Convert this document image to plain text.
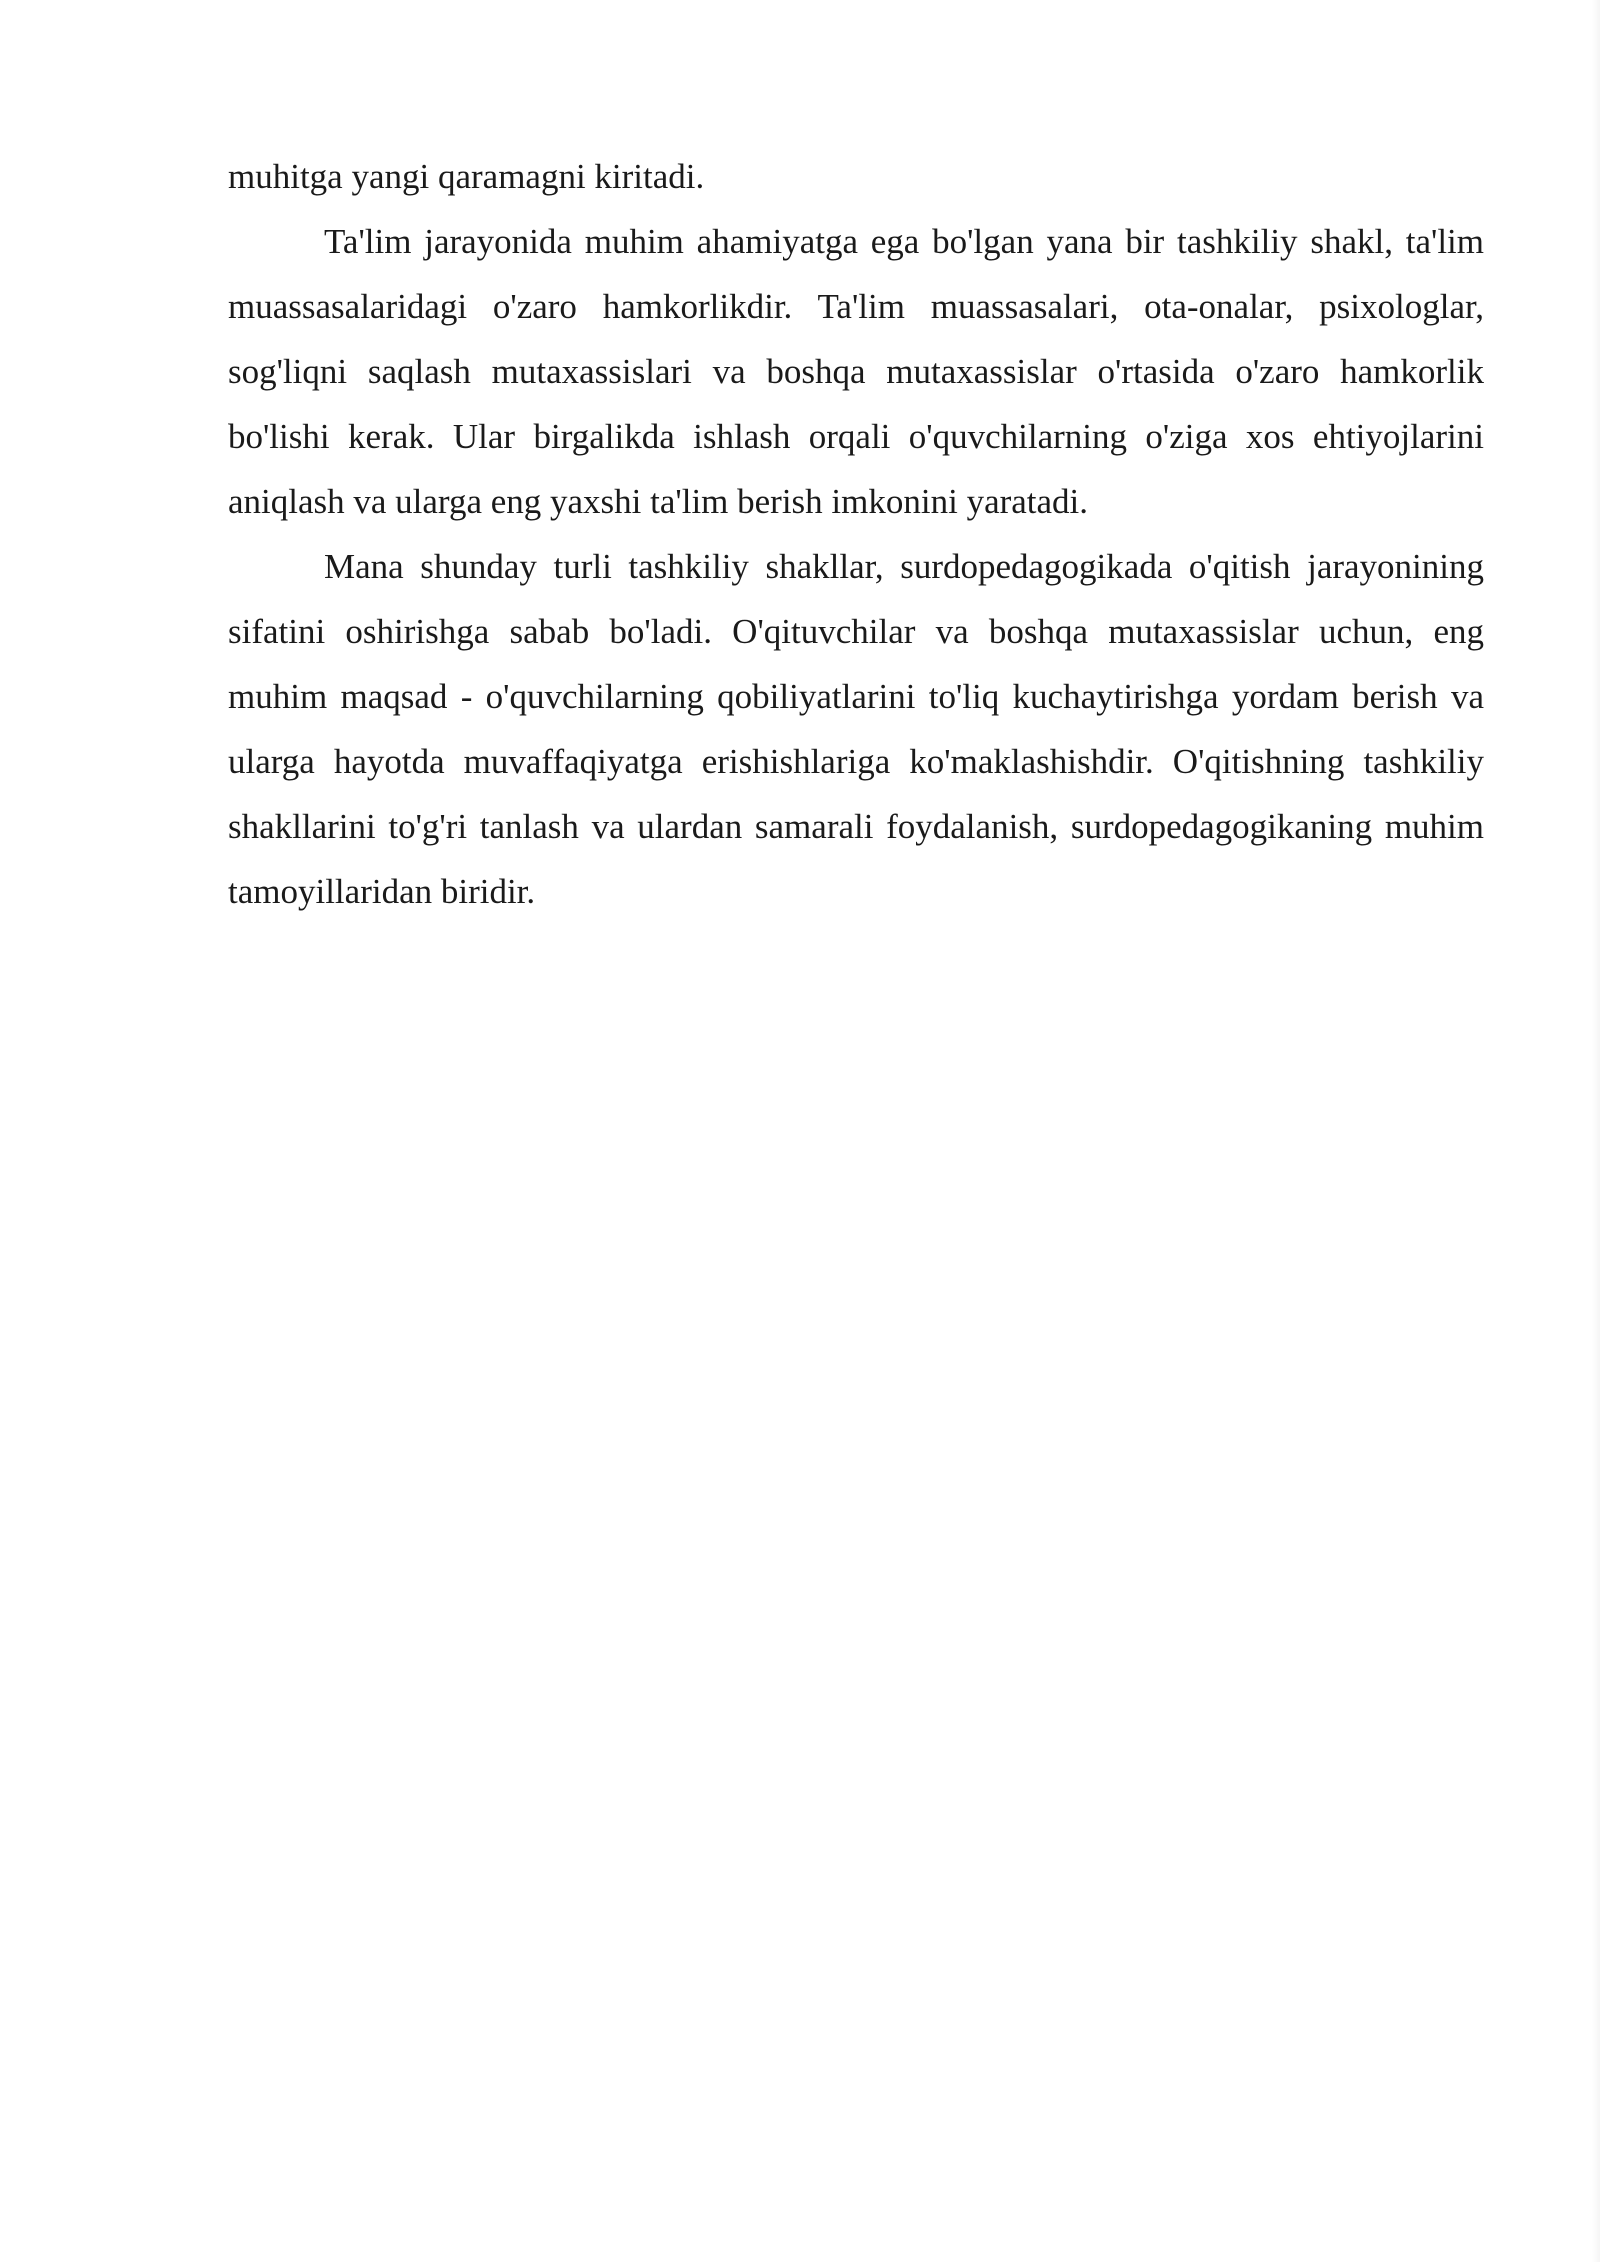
muhitga yangi qaramagni kiritadi.

Ta'lim jarayonida muhim ahamiyatga ega bo'lgan yana bir tashkiliy shakl, ta'lim muassasalaridagi o'zaro hamkorlikdir. Ta'lim muassasalari, ota-onalar, psixologlar, sog'liqni saqlash mutaxassislari va boshqa mutaxassislar o'rtasida o'zaro hamkorlik bo'lishi kerak. Ular birgalikda ishlash orqali o'quvchilarning o'ziga xos ehtiyojlarini aniqlash va ularga eng yaxshi ta'lim berish imkonini yaratadi.

Mana shunday turli tashkiliy shakllar, surdopedagogikada o'qitish jarayonining sifatini oshirishga sabab bo'ladi. O'qituvchilar va boshqa mutaxassislar uchun, eng muhim maqsad - o'quvchilarning qobiliyatlarini to'liq kuchaytirishga yordam berish va ularga hayotda muvaffaqiyatga erishishlariga ko'maklashishdir. O'qitishning tashkiliy shakllarini to'g'ri tanlash va ulardan samarali foydalanish, surdopedagogikaning muhim tamoyillaridan biridir.
